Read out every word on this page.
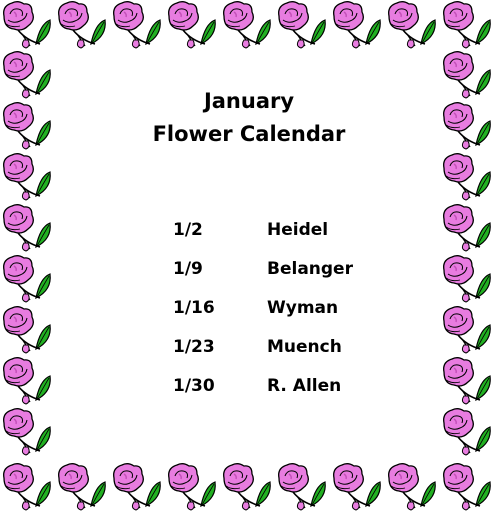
January
Flower Calendar
1/2	Heidel
1/9	Belanger
1/16	Wyman
1/23	Muench
1/30	R. Allen
